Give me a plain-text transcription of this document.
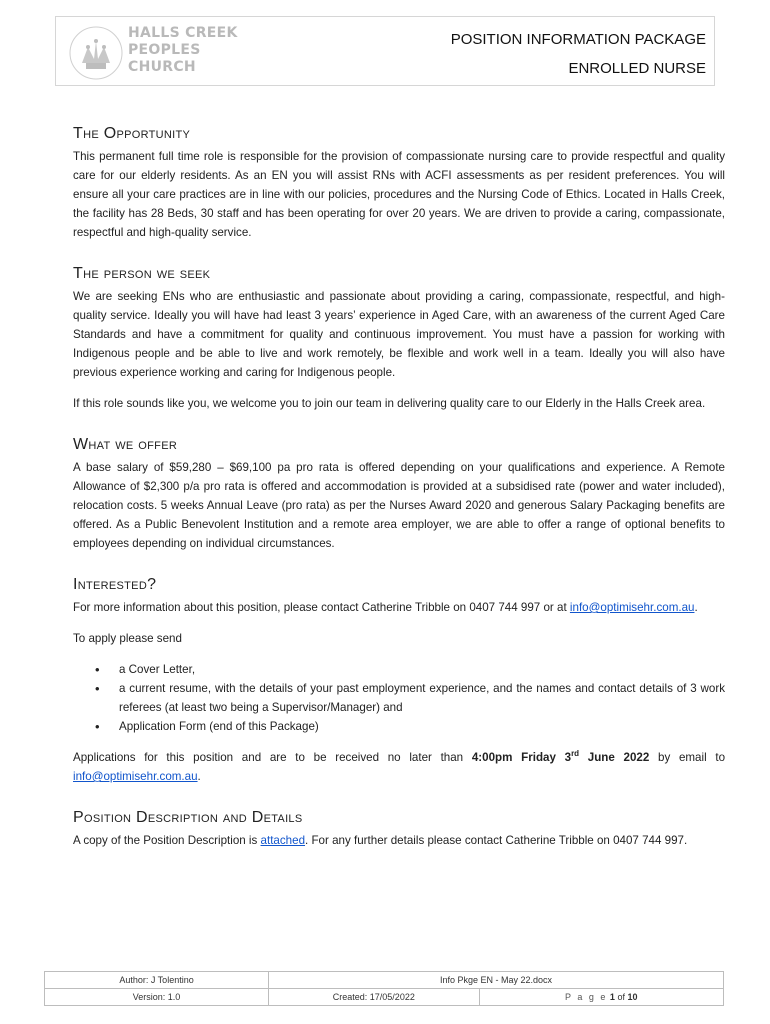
HALLS CREEK
PEOPLES
CHURCH
POSITION INFORMATION PACKAGE
ENROLLED NURSE
The Opportunity

This permanent full time role is responsible for the provision of compassionate nursing care to provide respectful and quality care for our elderly residents. As an EN you will assist RNs with ACFI assessments as per resident preferences. You will ensure all your care practices are in line with our policies, procedures and the Nursing Code of Ethics. Located in Halls Creek, the facility has 28 Beds, 30 staff and has been operating for over 20 years. We are driven to provide a caring, compassionate, respectful and high-quality service.

The person we seek

We are seeking ENs who are enthusiastic and passionate about providing a caring, compassionate, respectful, and high-quality service. Ideally you will have had least 3 years’ experience in Aged Care, with an awareness of the current Aged Care Standards and have a commitment for quality and continuous improvement. You must have a passion for working with Indigenous people and be able to live and work remotely, be flexible and work well in a team. Ideally you will also have previous experience working and caring for Indigenous people.

If this role sounds like you, we welcome you to join our team in delivering quality care to our Elderly in the Halls Creek area.

What we offer

A base salary of $59,280 – $69,100 pa pro rata is offered depending on your qualifications and experience. A Remote Allowance of $2,300 p/a pro rata is offered and accommodation is provided at a subsidised rate (power and water included), relocation costs. 5 weeks Annual Leave (pro rata) as per the Nurses Award 2020 and generous Salary Packaging benefits are offered. As a Public Benevolent Institution and a remote area employer, we are able to offer a range of optional benefits to employees depending on individual circumstances.

Interested?

For more information about this position, please contact Catherine Tribble on 0407 744 997 or at info@optimisehr.com.au.

To apply please send

• a Cover Letter,
• a current resume, with the details of your past employment experience, and the names and contact details of 3 work referees (at least two being a Supervisor/Manager) and
• Application Form (end of this Package)

Applications for this position and are to be received no later than 4:00pm Friday 3rd June 2022 by email to info@optimisehr.com.au.

Position Description and Details

A copy of the Position Description is attached. For any further details please contact Catherine Tribble on 0407 744 997.

Author: J Tolentino	Info Pkge EN - May 22.docx	
Version: 1.0	Created: 17/05/2022	P a g e 1 of 10
